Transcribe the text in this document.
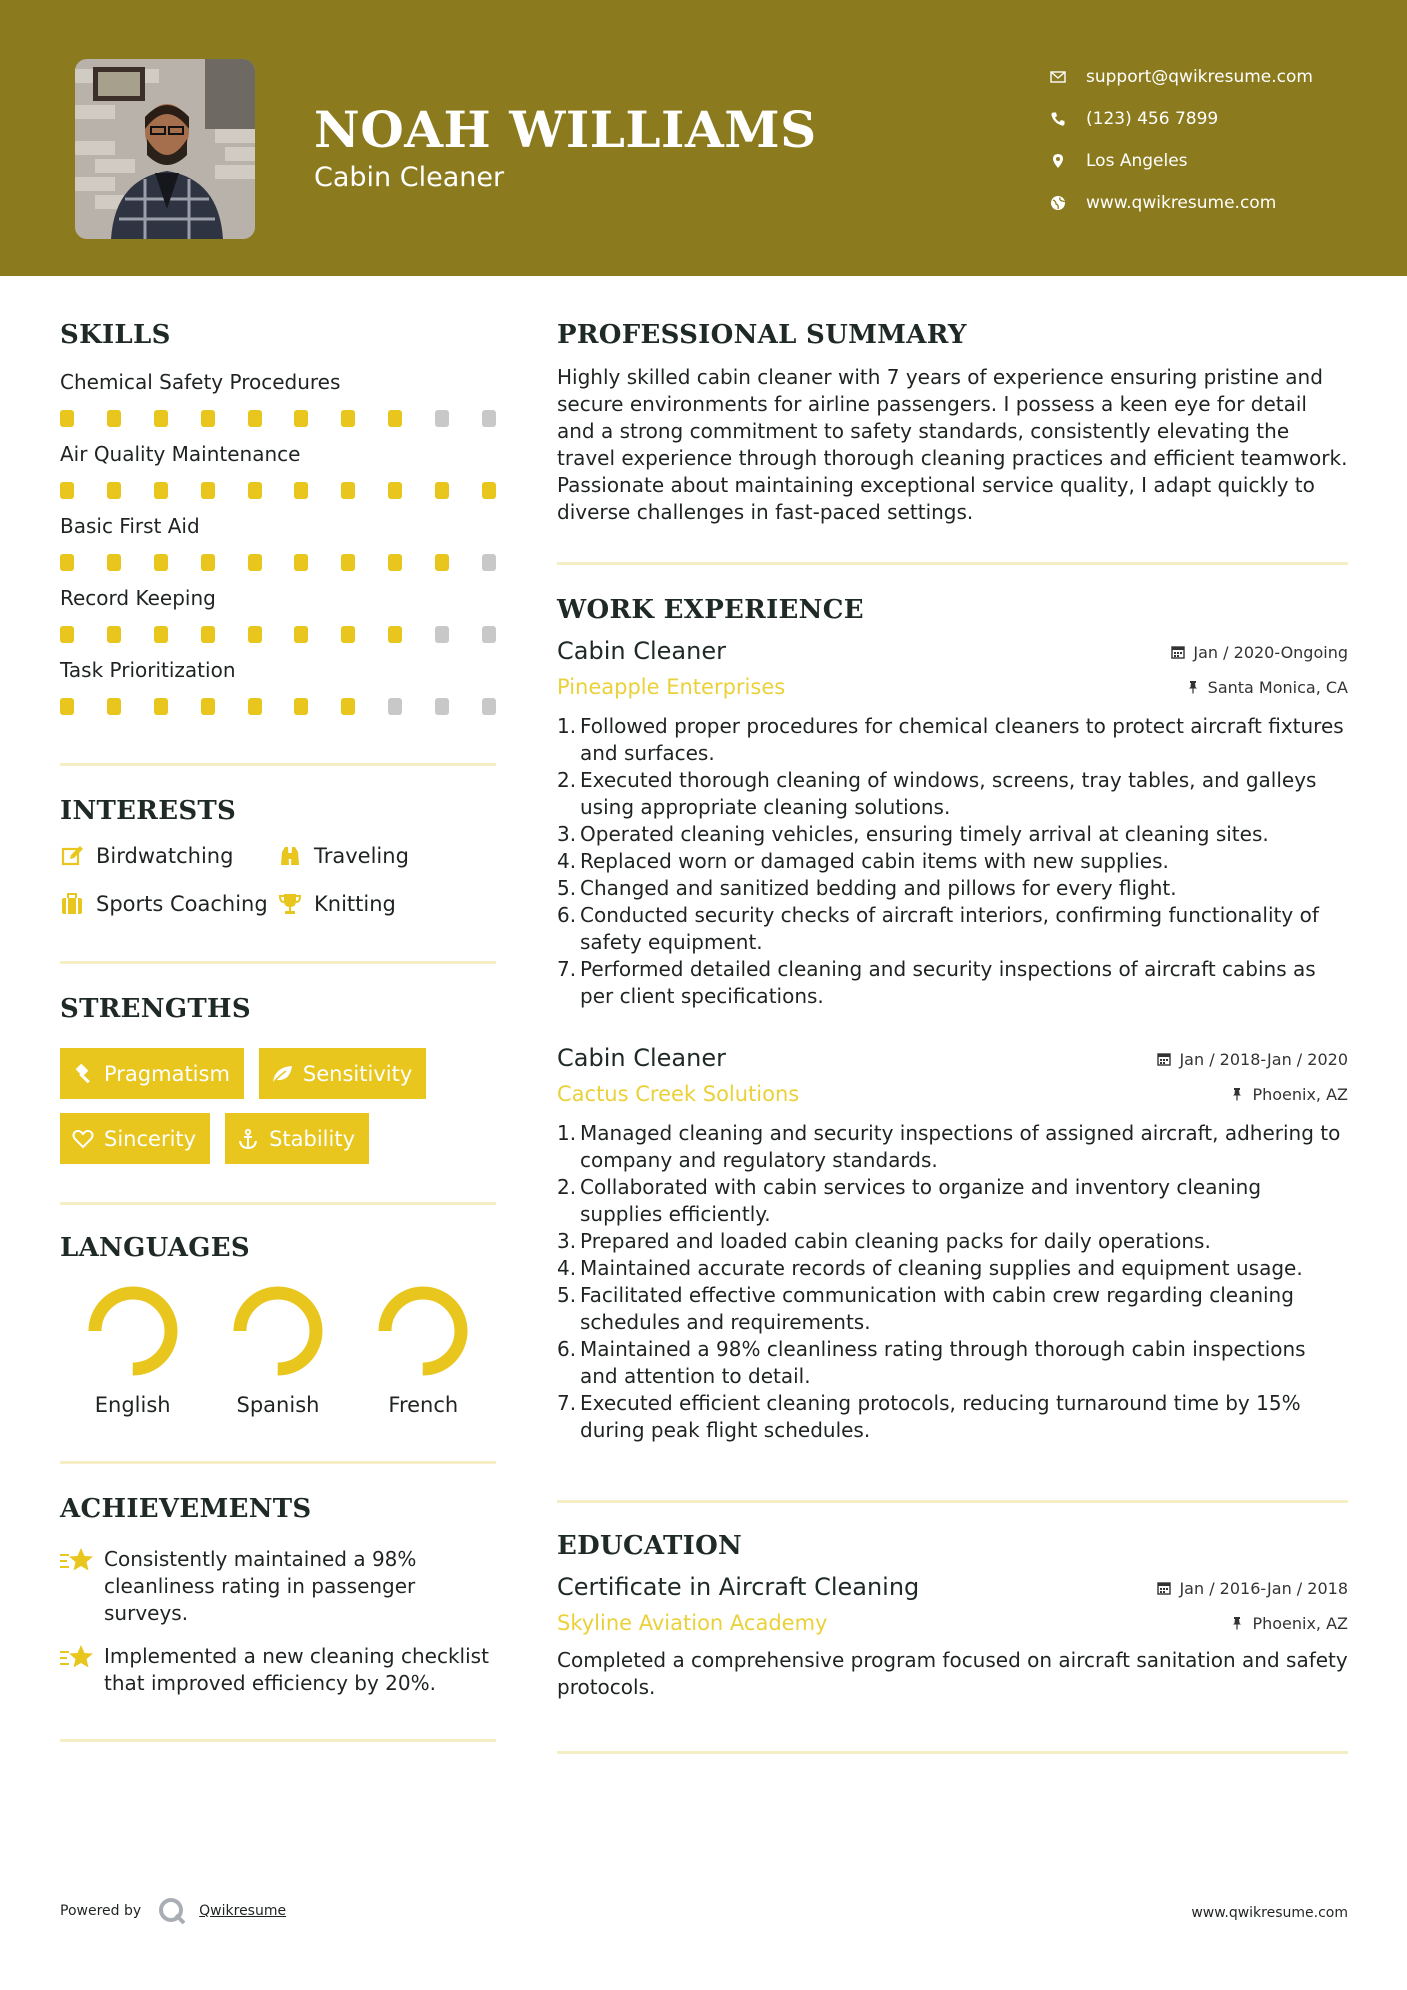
NOAH WILLIAMS
Cabin Cleaner
support@qwikresume.com
(123) 456 7899
Los Angeles
www.qwikresume.com
SKILLS
Chemical Safety Procedures
Air Quality Maintenance
Basic First Aid
Record Keeping
Task Prioritization
INTERESTS
Birdwatching	Traveling
Sports Coaching Knitting
STRENGTHS
Pragmatism	Sensitivity
Sincerity	Stability
LANGUAGES
English	Spanish	French
ACHIEVEMENTS
Consistently maintained a 98% cleanliness rating in passenger surveys.
Implemented a new cleaning checklist that improved efficiency by 20%.
PROFESSIONAL SUMMARY
Highly skilled cabin cleaner with 7 years of experience ensuring pristine and secure environments for airline passengers. I possess a keen eye for detail and a strong commitment to safety standards, consistently elevating the travel experience through thorough cleaning practices and efficient teamwork. Passionate about maintaining exceptional service quality, I adapt quickly to diverse challenges in fast-paced settings.
WORK EXPERIENCE
Cabin Cleaner	Jan / 2020-Ongoing
Pineapple Enterprises	Santa Monica, CA
1. Followed proper procedures for chemical cleaners to protect aircraft fixtures and surfaces.
2. Executed thorough cleaning of windows, screens, tray tables, and galleys using appropriate cleaning solutions.
3. Operated cleaning vehicles, ensuring timely arrival at cleaning sites.
4. Replaced worn or damaged cabin items with new supplies.
5. Changed and sanitized bedding and pillows for every flight.
6. Conducted security checks of aircraft interiors, confirming functionality of safety equipment.
7. Performed detailed cleaning and security inspections of aircraft cabins as per client specifications.
Cabin Cleaner	Jan / 2018-Jan / 2020
Cactus Creek Solutions	Phoenix, AZ
1. Managed cleaning and security inspections of assigned aircraft, adhering to company and regulatory standards.
2. Collaborated with cabin services to organize and inventory cleaning supplies efficiently.
3. Prepared and loaded cabin cleaning packs for daily operations.
4. Maintained accurate records of cleaning supplies and equipment usage.
5. Facilitated effective communication with cabin crew regarding cleaning schedules and requirements.
6. Maintained a 98% cleanliness rating through thorough cabin inspections and attention to detail.
7. Executed efficient cleaning protocols, reducing turnaround time by 15% during peak flight schedules.
EDUCATION
Certificate in Aircraft Cleaning	Jan / 2016-Jan / 2018
Skyline Aviation Academy	Phoenix, AZ
Completed a comprehensive program focused on aircraft sanitation and safety protocols.
Powered by	Qwikresume	www.qwikresume.com
